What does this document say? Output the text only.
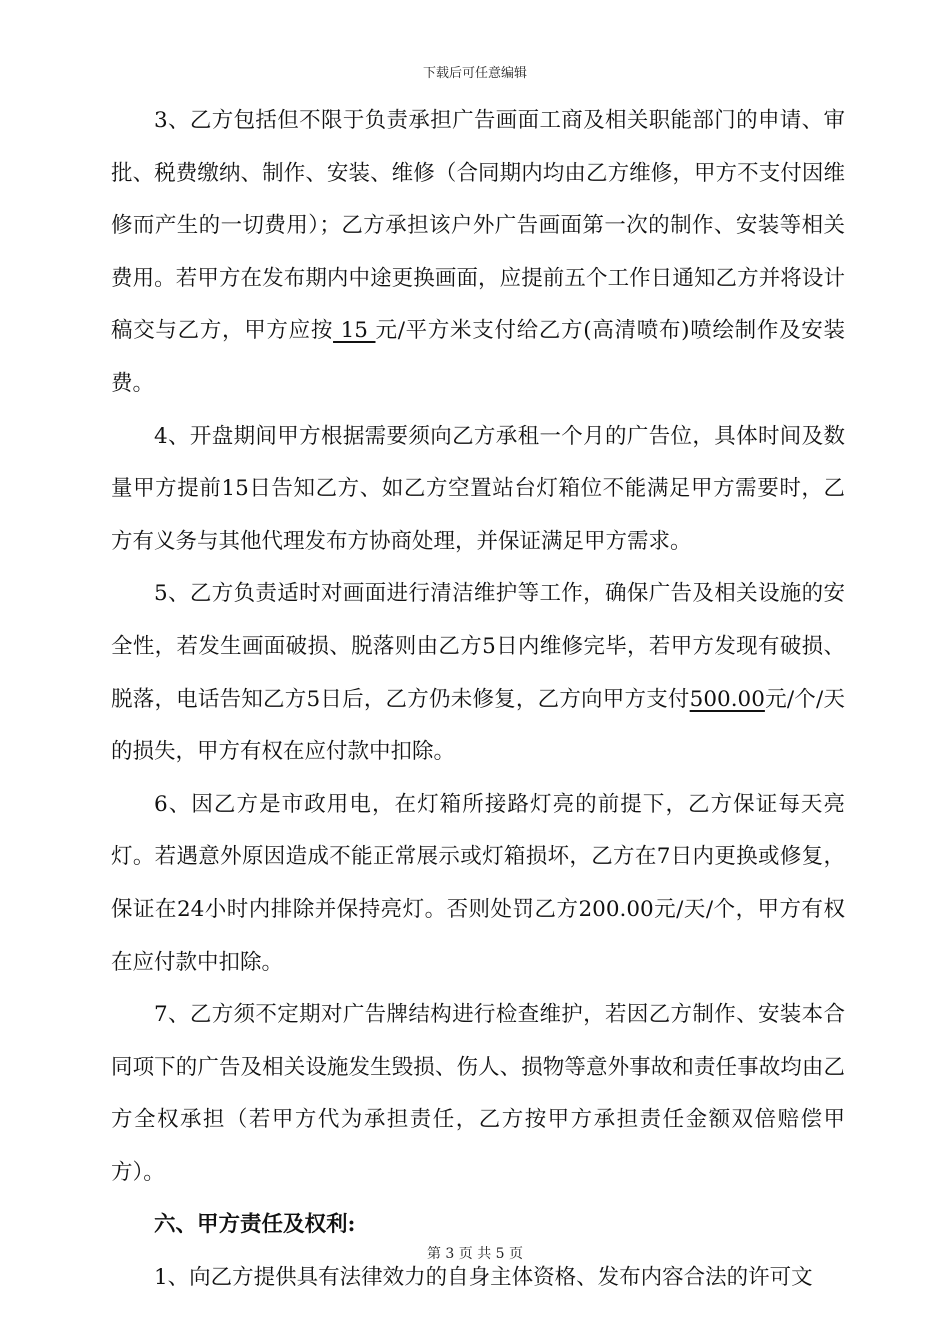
下载后可任意编辑

3、乙方包括但不限于负责承担广告画面工商及相关职能部门的申请、审批、税费缴纳、制作、安装、维修（合同期内均由乙方维修，甲方不支付因维修而产生的一切费用）；乙方承担该户外广告画面第一次的制作、安装等相关费用。若甲方在发布期内中途更换画面，应提前五个工作日通知乙方并将设计稿交与乙方，甲方应按 15 元/平方米支付给乙方(高清喷布)喷绘制作及安装费。

4、开盘期间甲方根据需要须向乙方承租一个月的广告位，具体时间及数量甲方提前15日告知乙方、如乙方空置站台灯箱位不能满足甲方需要时，乙方有义务与其他代理发布方协商处理，并保证满足甲方需求。

5、乙方负责适时对画面进行清洁维护等工作，确保广告及相关设施的安全性，若发生画面破损、脱落则由乙方5日内维修完毕，若甲方发现有破损、脱落，电话告知乙方5日后，乙方仍未修复，乙方向甲方支付500.00元/个/天的损失，甲方有权在应付款中扣除。

6、因乙方是市政用电，在灯箱所接路灯亮的前提下，乙方保证每天亮灯。若遇意外原因造成不能正常展示或灯箱损坏，乙方在7日内更换或修复，保证在24小时内排除并保持亮灯。否则处罚乙方200.00元/天/个，甲方有权在应付款中扣除。

7、乙方须不定期对广告牌结构进行检查维护，若因乙方制作、安装本合同项下的广告及相关设施发生毁损、伤人、损物等意外事故和责任事故均由乙方全权承担（若甲方代为承担责任，乙方按甲方承担责任金额双倍赔偿甲方）。

六、甲方责任及权利:

1、向乙方提供具有法律效力的自身主体资格、发布内容合法的许可文

第 3 页 共 5 页
